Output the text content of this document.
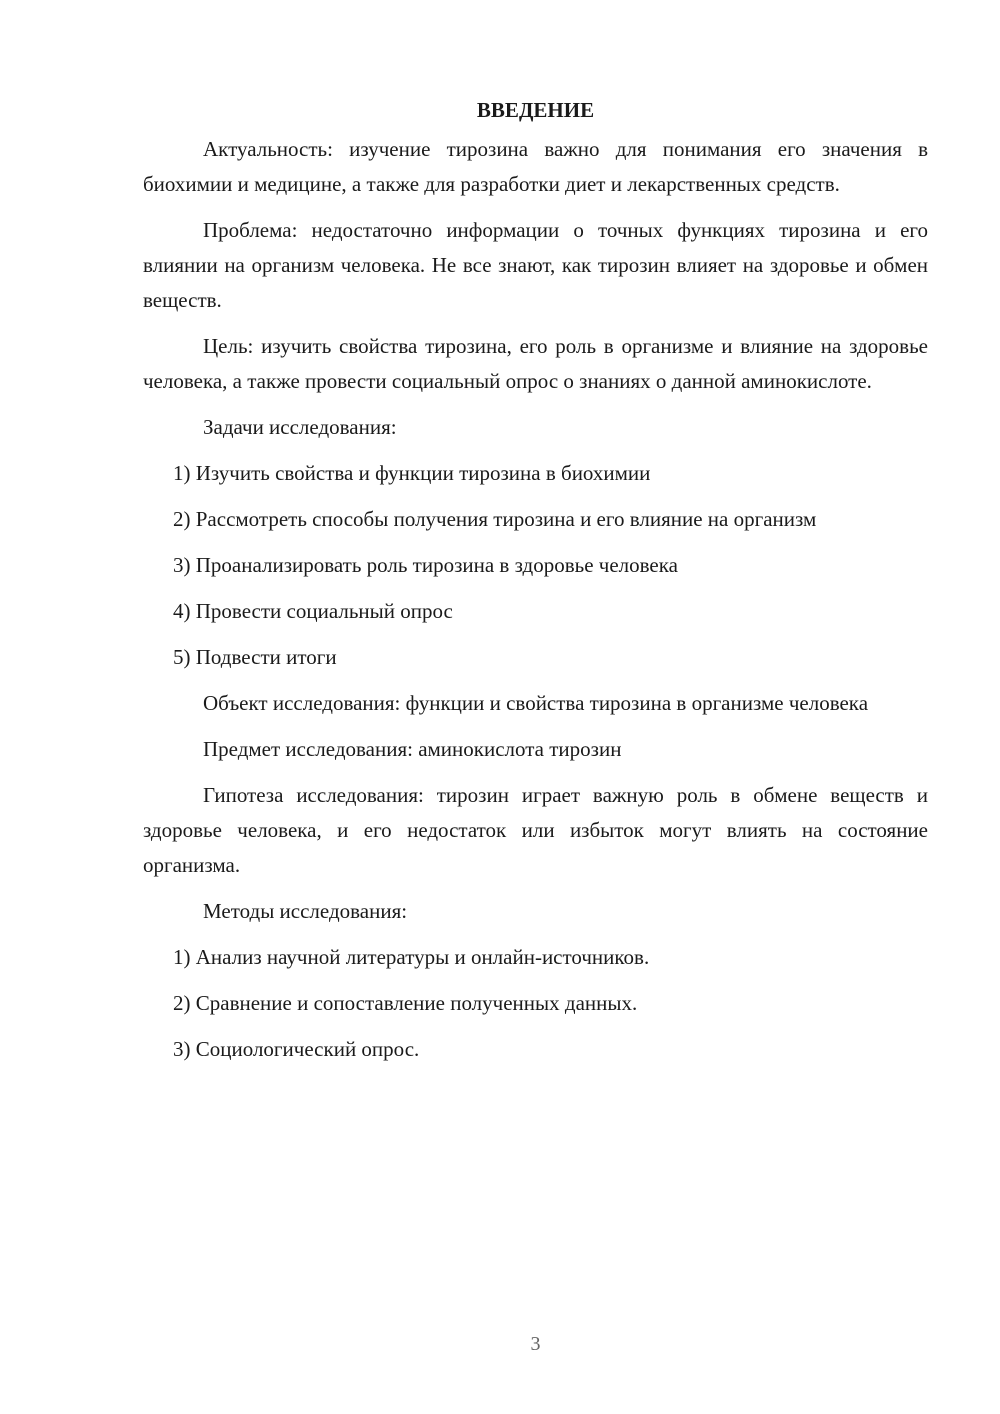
ВВЕДЕНИЕ

Актуальность: изучение тирозина важно для понимания его значения в биохимии и медицине, а также для разработки диет и лекарственных средств.

Проблема: недостаточно информации о точных функциях тирозина и его влиянии на организм человека. Не все знают, как тирозин влияет на здоровье и обмен веществ.

Цель: изучить свойства тирозина, его роль в организме и влияние на здоровье человека, а также провести социальный опрос о знаниях о данной аминокислоте.

Задачи исследования:

1) Изучить свойства и функции тирозина в биохимии

2) Рассмотреть способы получения тирозина и его влияние на организм

3) Проанализировать роль тирозина в здоровье человека

4) Провести социальный опрос

5) Подвести итоги

Объект исследования: функции и свойства тирозина в организме человека

Предмет исследования: аминокислота тирозин

Гипотеза исследования: тирозин играет важную роль в обмене веществ и здоровье человека, и его недостаток или избыток могут влиять на состояние организма.

Методы исследования:

1) Анализ научной литературы и онлайн-источников.

2) Сравнение и сопоставление полученных данных.

3) Социологический опрос.

3
